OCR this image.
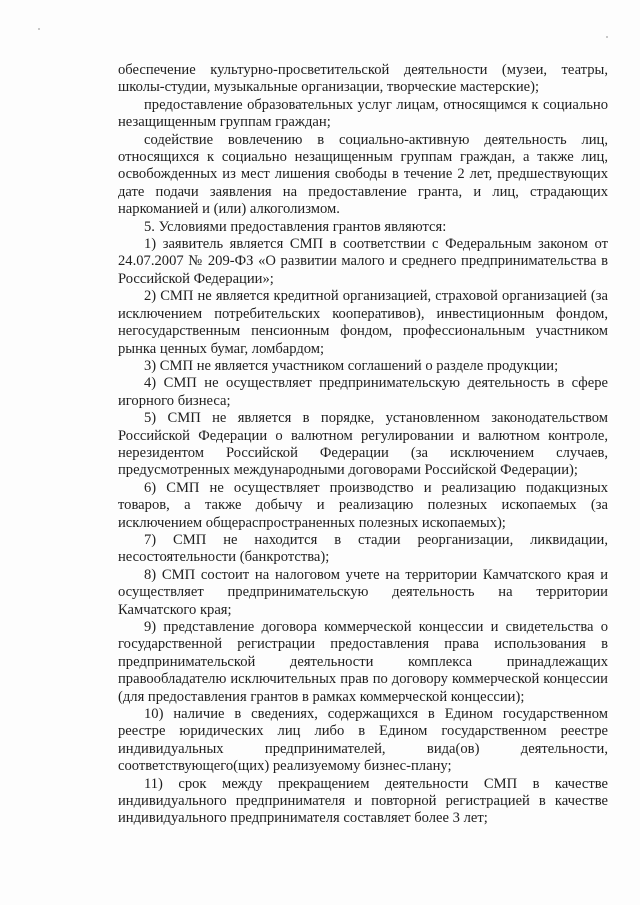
обеспечение культурно-просветительской деятельности (музеи, театры, школы-студии, музыкальные организации, творческие мастерские);

предоставление образовательных услуг лицам, относящимся к социально незащищенным группам граждан;

содействие вовлечению в социально-активную деятельность лиц, относящихся к социально незащищенным группам граждан, а также лиц, освобожденных из мест лишения свободы в течение 2 лет, предшествующих дате подачи заявления на предоставление гранта, и лиц, страдающих наркоманией и (или) алкоголизмом.

5. Условиями предоставления грантов являются:

1) заявитель является СМП в соответствии с Федеральным законом от 24.07.2007 № 209-ФЗ «О развитии малого и среднего предпринимательства в Российской Федерации»;

2) СМП не является кредитной организацией, страховой организацией (за исключением потребительских кооперативов), инвестиционным фондом, негосударственным пенсионным фондом, профессиональным участником рынка ценных бумаг, ломбардом;

3) СМП не является участником соглашений о разделе продукции;

4) СМП не осуществляет предпринимательскую деятельность в сфере игорного бизнеса;

5) СМП не является в порядке, установленном законодательством Российской Федерации о валютном регулировании и валютном контроле, нерезидентом Российской Федерации (за исключением случаев, предусмотренных международными договорами Российской Федерации);

6) СМП не осуществляет производство и реализацию подакцизных товаров, а также добычу и реализацию полезных ископаемых (за исключением общераспространенных полезных ископаемых);

7) СМП не находится в стадии реорганизации, ликвидации, несостоятельности (банкротства);

8) СМП состоит на налоговом учете на территории Камчатского края и осуществляет предпринимательскую деятельность на территории Камчатского края;

9) представление договора коммерческой концессии и свидетельства о государственной регистрации предоставления права использования в предпринимательской деятельности комплекса принадлежащих правообладателю исключительных прав по договору коммерческой концессии (для предоставления грантов в рамках коммерческой концессии);

10) наличие в сведениях, содержащихся в Едином государственном реестре юридических лиц либо в Едином государственном реестре индивидуальных предпринимателей, вида(ов) деятельности, соответствующего(щих) реализуемому бизнес-плану;

11) срок между прекращением деятельности СМП в качестве индивидуального предпринимателя и повторной регистрацией в качестве индивидуального предпринимателя составляет более 3 лет;
